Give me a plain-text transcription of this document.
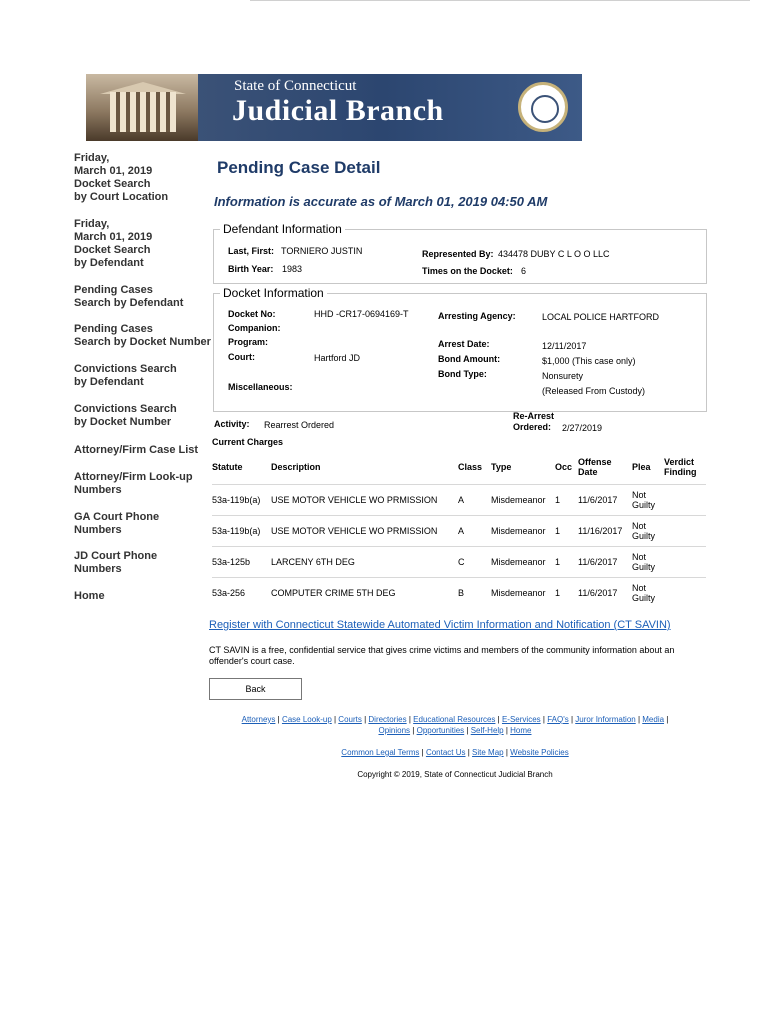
State of Connecticut
Judicial Branch
Friday,
March 01, 2019
Docket Search
by Court Location
Friday,
March 01, 2019
Docket Search
by Defendant
Pending Cases
Search by Defendant
Pending Cases
Search by Docket Number
Convictions Search
by Defendant
Convictions Search
by Docket Number
Attorney/Firm Case List
Attorney/Firm Look-up
Numbers
GA Court Phone
Numbers
JD Court Phone
Numbers
Home
Pending Case Detail
Information is accurate as of March 01, 2019 04:50 AM
Defendant Information
Last, First: TORNIERO JUSTIN
Birth Year: 1983
Represented By: 434478 DUBY C L O O LLC
Times on the Docket: 6
Docket Information
Docket No:	HHD -CR17-0694169-T
Companion:
Program:
Court:	Hartford JD
Miscellaneous:
Arresting Agency:	LOCAL POLICE HARTFORD
Arrest Date:	12/11/2017
Bond Amount:	$1,000 (This case only)
Bond Type:	Nonsurety
(Released From Custody)
Activity: Rearrest Ordered
Re-Arrest
Ordered: 2/27/2019
Current Charges
Statute	Description	Class	Type	Occ	Offense
Date	Plea	Verdict
Finding
53a-119b(a)	USE MOTOR VEHICLE WO PRMISSION	A	Misdemeanor	1	11/6/2017	Not
Guilty	
53a-119b(a)	USE MOTOR VEHICLE WO PRMISSION	A	Misdemeanor	1	11/16/2017	Not
Guilty	
53a-125b	LARCENY 6TH DEG	C	Misdemeanor	1	11/6/2017	Not
Guilty	
53a-256	COMPUTER CRIME 5TH DEG	B	Misdemeanor	1	11/6/2017	Not
Guilty	
Register with Connecticut Statewide Automated Victim Information and Notification (CT SAVIN)
CT SAVIN is a free, confidential service that gives crime victims and members of the community information about an offender's court case.
Back
Attorneys | Case Look-up | Courts | Directories | Educational Resources | E-Services | FAQ's | Juror Information | Media |
Opinions | Opportunities | Self-Help | Home
Common Legal Terms | Contact Us | Site Map | Website Policies
Copyright © 2019, State of Connecticut Judicial Branch
